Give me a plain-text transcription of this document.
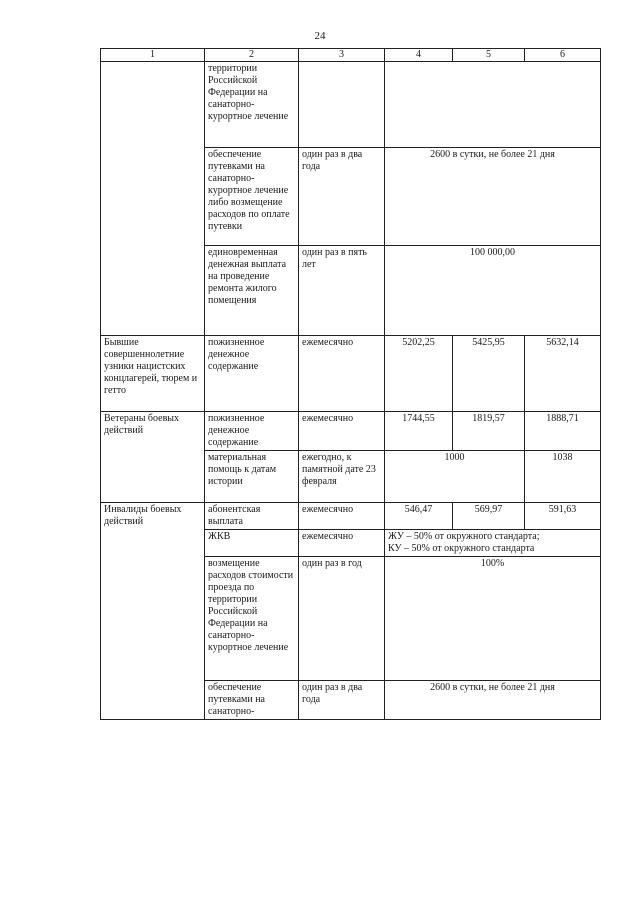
24
1	2	3	4	5	6
	территории Российской Федерации на санаторно-курортное лечение				
	обеспечение путевками на санаторно-курортное лечение либо возмещение расходов по оплате путевки	один раз в два года	2600 в сутки, не более 21 дня		
	единовременная денежная выплата на проведение ремонта жилого помещения	один раз в пять лет	100 000,00		
Бывшие совершеннолетние узники нацистских концлагерей, тюрем и гетто	пожизненное денежное содержание	ежемесячно	5202,25	5425,95	5632,14
Ветераны боевых действий	пожизненное денежное содержание	ежемесячно	1744,55	1819,57	1888,71
	материальная помощь к датам истории	ежегодно, к памятной дате 23 февраля	1000		1038
Инвалиды боевых действий	абонентская выплата	ежемесячно	546,47	569,97	591,63
	ЖКВ	ежемесячно	ЖУ – 50% от окружного стандарта;
КУ – 50% от окружного стандарта		

	возмещение расходов стоимости проезда по территории Российской Федерации на санаторно-курортное лечение	один раз в год	100%		
	обеспечение путевками на санаторно-	один раз в два года	2600 в сутки, не более 21 дня		
